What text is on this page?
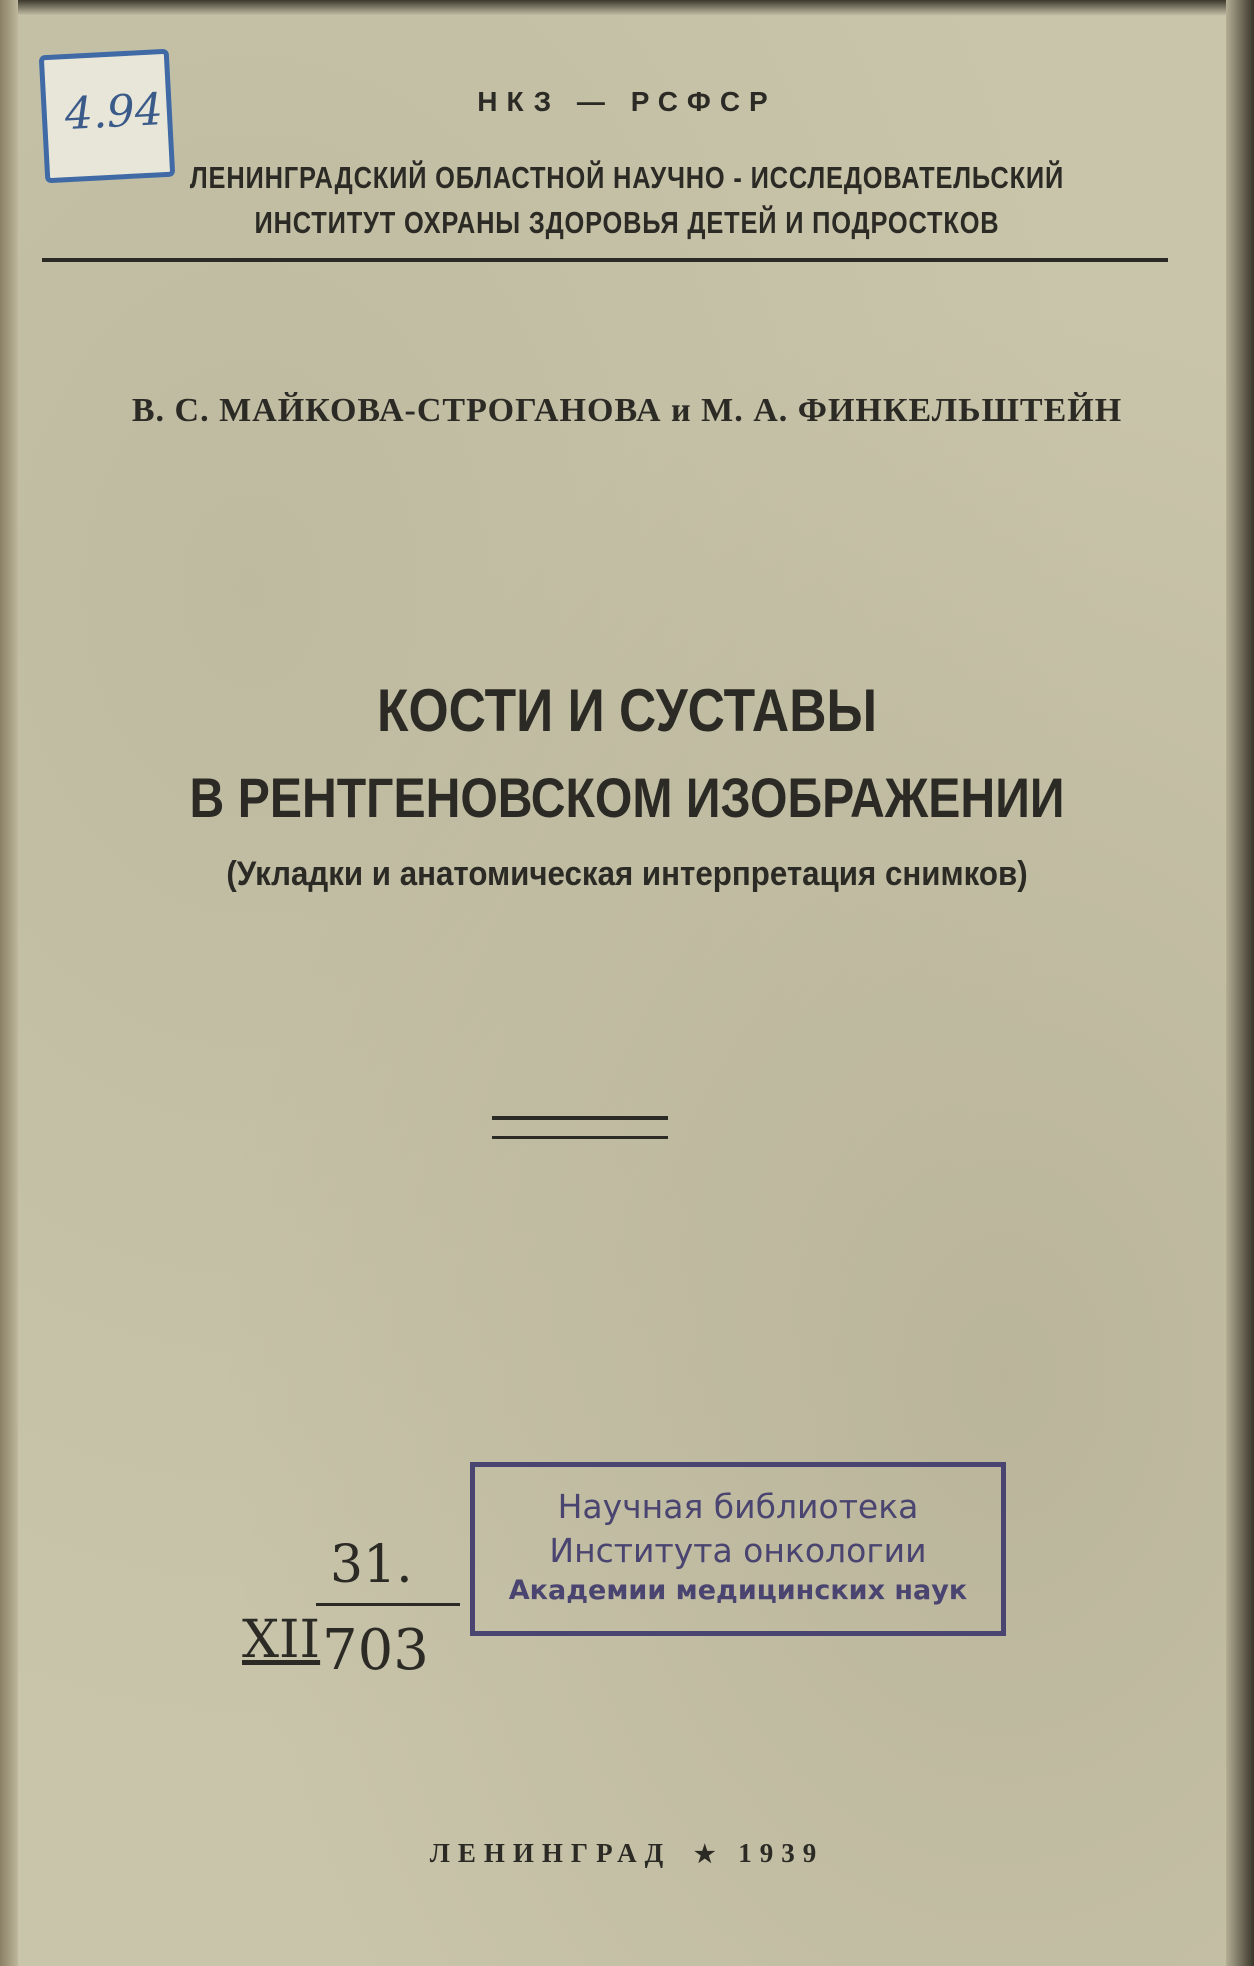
4.94	НКЗ — РСФСР
ЛЕНИНГРАДСКИЙ ОБЛАСТНОЙ НАУЧНО - ИССЛЕДОВАТЕЛЬСКИЙ
ИНСТИТУТ ОХРАНЫ ЗДОРОВЬЯ ДЕТЕЙ И ПОДРОСТКОВ
В. С. МАЙКОВА-СТРОГАНОВА и М. А. ФИНКЕЛЬШТЕЙН
КОСТИ И СУСТАВЫ
В РЕНТГЕНОВСКОМ ИЗОБРАЖЕНИИ
(Укладки и анатомическая интерпретация снимков)
31.
XII 703
Научная библиотека
Института онкологии
Академии медицинских наук
ЛЕНИНГРАД ★ 1939
